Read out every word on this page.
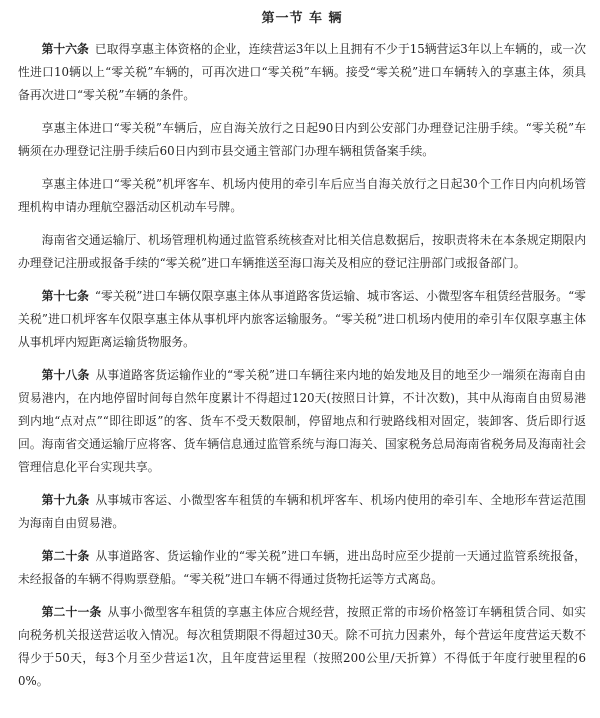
第一节 车 辆
第十六条 已取得享惠主体资格的企业，连续营运3年以上且拥有不少于15辆营运3年以上车辆的，或一次性进口10辆以上“零关税”车辆的，可再次进口“零关税”车辆。接受“零关税”进口车辆转入的享惠主体，须具备再次进口“零关税”车辆的条件。
享惠主体进口“零关税”车辆后，应自海关放行之日起90日内到公安部门办理登记注册手续。“零关税”车辆须在办理登记注册手续后60日内到市县交通主管部门办理车辆租赁备案手续。
享惠主体进口“零关税”机坪客车、机场内使用的牵引车后应当自海关放行之日起30个工作日内向机场管理机构申请办理航空器活动区机动车号牌。
海南省交通运输厅、机场管理机构通过监管系统核查对比相关信息数据后，按职责将未在本条规定期限内办理登记注册或报备手续的“零关税”进口车辆推送至海口海关及相应的登记注册部门或报备部门。
第十七条 “零关税”进口车辆仅限享惠主体从事道路客货运输、城市客运、小微型客车租赁经营服务。“零关税”进口机坪客车仅限享惠主体从事机坪内旅客运输服务。“零关税”进口机场内使用的牵引车仅限享惠主体从事机坪内短距离运输货物服务。
第十八条 从事道路客货运输作业的“零关税”进口车辆往来内地的始发地及目的地至少一端须在海南自由贸易港内，在内地停留时间每自然年度累计不得超过120天(按照日计算，不计次数)，其中从海南自由贸易港到内地“点对点”“即往即返”的客、货车不受天数限制，停留地点和行驶路线相对固定，装卸客、货后即行返回。海南省交通运输厅应将客、货车辆信息通过监管系统与海口海关、国家税务总局海南省税务局及海南社会管理信息化平台实现共享。
第十九条 从事城市客运、小微型客车租赁的车辆和机坪客车、机场内使用的牵引车、全地形车营运范围为海南自由贸易港。
第二十条 从事道路客、货运输作业的“零关税”进口车辆，进出岛时应至少提前一天通过监管系统报备，未经报备的车辆不得购票登船。“零关税”进口车辆不得通过货物托运等方式离岛。
第二十一条 从事小微型客车租赁的享惠主体应合规经营，按照正常的市场价格签订车辆租赁合同、如实向税务机关报送营运收入情况。每次租赁期限不得超过30天。除不可抗力因素外，每个营运年度营运天数不得少于50天，每3个月至少营运1次，且年度营运里程（按照200公里/天折算）不得低于年度行驶里程的60%。
